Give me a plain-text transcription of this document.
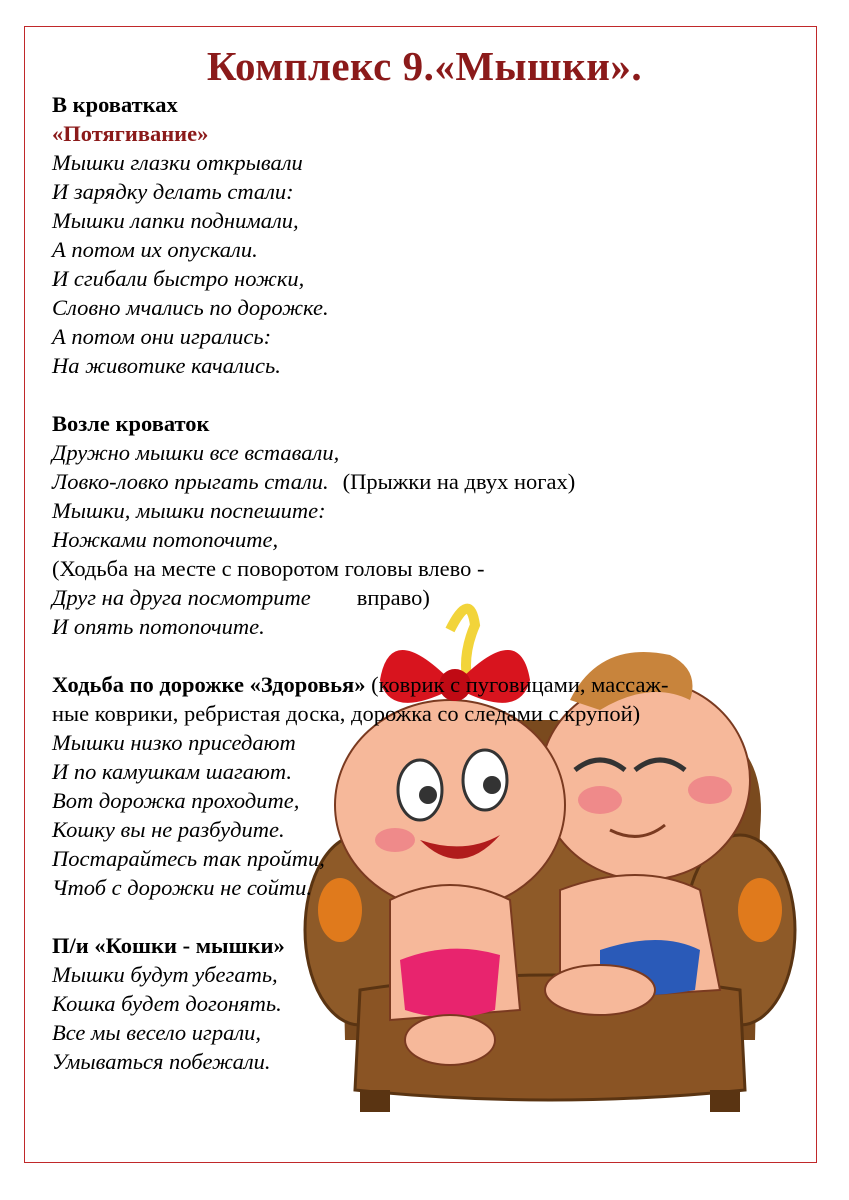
Комплекс 9.«Мышки».
В кроватках
«Потягивание»
Мышки глазки открывали
И зарядку делать стали:
Мышки лапки поднимали,
А потом их опускали.
И сгибали быстро ножки,
Словно мчались по дорожке.
А потом они игрались:
На животике качались.
Возле кроваток
Дружно мышки все вставали,
Ловко-ловко прыгать стали. (Прыжки на двух ногах)
Мышки, мышки поспешите:
Ножками потопочите,
(Ходьба на месте с поворотом головы влево -
Друг на друга посмотрите вправо)
И опять потопочите.
Ходьба по дорожке «Здоровья» (коврик с пуговицами, массаж-
ные коврики, ребристая доска, дорожка со следами с крупой)
Мышки низко приседают
И по камушкам шагают.
Вот дорожка проходите,
Кошку вы не разбудите.
Постарайтесь так пройти,
Чтоб с дорожки не сойти.
П/и «Кошки - мышки»
Мышки будут убегать,
Кошка будет догонять.
Все мы весело играли,
Умываться побежали.
